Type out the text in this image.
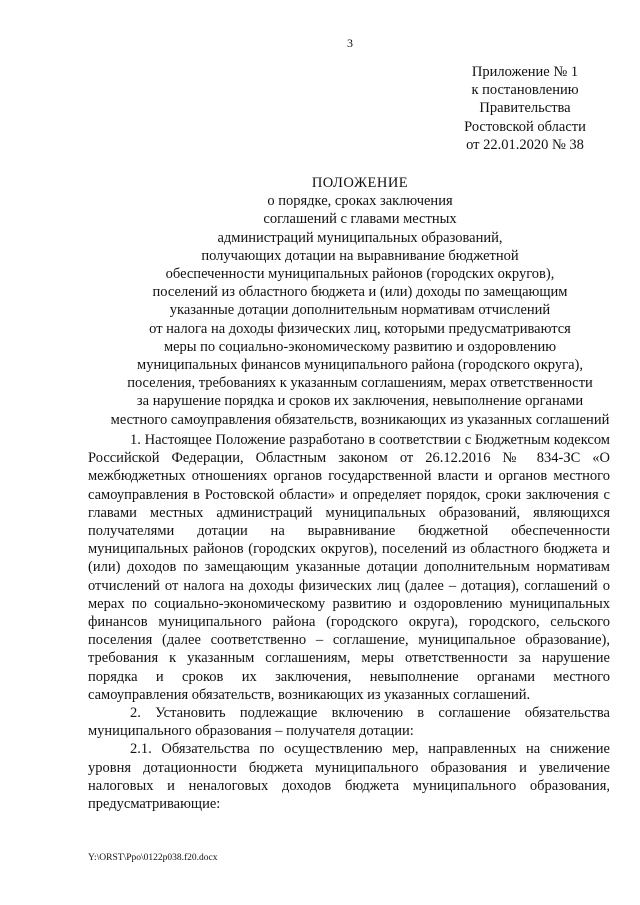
3
Приложение № 1
к постановлению
Правительства
Ростовской области
от 22.01.2020 № 38
ПОЛОЖЕНИЕ
о порядке, сроках заключения
соглашений с главами местных
администраций муниципальных образований,
получающих дотации на выравнивание бюджетной
обеспеченности муниципальных районов (городских округов),
поселений из областного бюджета и (или) доходы по замещающим
указанные дотации дополнительным нормативам отчислений
от налога на доходы физических лиц, которыми предусматриваются
меры по социально-экономическому развитию и оздоровлению
муниципальных финансов муниципального района (городского округа),
поселения, требованиях к указанным соглашениям, мерах ответственности
за нарушение порядка и сроков их заключения, невыполнение органами
местного самоуправления обязательств, возникающих из указанных соглашений

1. Настоящее Положение разработано в соответствии с Бюджетным кодексом Российской Федерации, Областным законом от 26.12.2016 № 834-ЗС «О межбюджетных отношениях органов государственной власти и органов местного самоуправления в Ростовской области» и определяет порядок, сроки заключения с главами местных администраций муниципальных образований, являющихся получателями дотации на выравнивание бюджетной обеспеченности муниципальных районов (городских округов), поселений из областного бюджета и (или) доходов по замещающим указанные дотации дополнительным нормативам отчислений от налога на доходы физических лиц (далее – дотация), соглашений о мерах по социально-экономическому развитию и оздоровлению муниципальных финансов муниципального района (городского округа), городского, сельского поселения (далее соответственно – соглашение, муниципальное образование), требования к указанным соглашениям, меры ответственности за нарушение порядка и сроков их заключения, невыполнение органами местного самоуправления обязательств, возникающих из указанных соглашений.

2. Установить подлежащие включению в соглашение обязательства муниципального образования – получателя дотации:

2.1. Обязательства по осуществлению мер, направленных на снижение уровня дотационности бюджета муниципального образования и увеличение налоговых и неналоговых доходов бюджета муниципального образования, предусматривающие:

Y:\ORST\Ppo\0122p038.f20.docx
